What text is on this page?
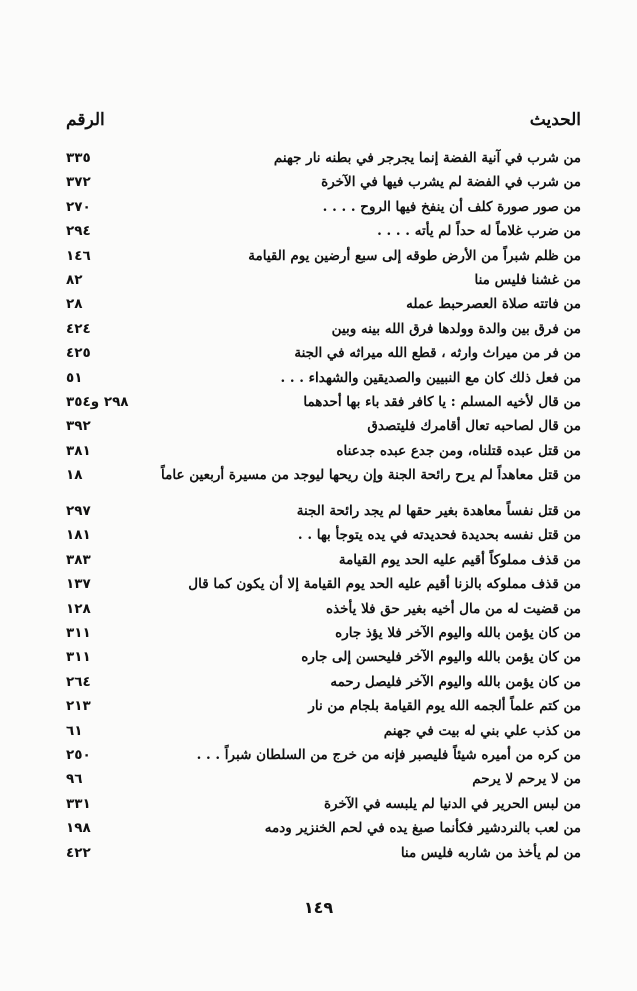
الحديث
الرقم
من شرب في آنية الفضة إنما يجرجر في بطنه نار جهنم
٣٣٥
من شرب في الفضة لم يشرب فيها في الآخرة
٣٧٢
من صور صورة كلف أن ينفخ فيها الروح . . . .
٢٧٠
من ضرب غلاماً له حداً لم يأته . . . .
٢٩٤
من ظلم شبراً من الأرض طوقه إلى سبع أرضين يوم القيامة
١٤٦
من غشنا فليس منا
٨٢
من فاتته صلاة العصرحبط عمله
٢٨
من فرق بين والدة وولدها فرق الله بينه وبين
٤٢٤
من فر من ميراث وارثه ، قطع الله ميراثه في الجنة
٤٢٥
من فعل ذلك كان مع النبيين والصديقين والشهداء . . .
٥١
من قال لأخيه المسلم : يا كافر فقد باء بها أحدهما
٢٩٨ و٣٥٤
من قال لصاحبه تعال أقامرك فليتصدق
٣٩٢
من قتل عبده قتلناه، ومن جدع عبده جدعناه
٣٨١
من قتل معاهداً لم يرح رائحة الجنة وإن ريحها ليوجد من مسيرة أربعين عاماً
١٨
من قتل نفساً معاهدة بغير حقها لم يجد رائحة الجنة
٢٩٧
من قتل نفسه بحديدة فحديدته في يده يتوجأ بها . .
١٨١
من قذف مملوكاً أقيم عليه الحد يوم القيامة
٣٨٣
من قذف مملوكه بالزنا أقيم عليه الحد يوم القيامة إلا أن يكون كما قال
١٣٧
من قضيت له من مال أخيه بغير حق فلا يأخذه
١٢٨
من كان يؤمن بالله واليوم الآخر فلا يؤذ جاره
٣١١
من كان يؤمن بالله واليوم الآخر فليحسن إلى جاره
٣١١
من كان يؤمن بالله واليوم الآخر فليصل رحمه
٢٦٤
من كتم علماً ألجمه الله يوم القيامة بلجام من نار
٢١٣
من كذب علي بني له بيت في جهنم
٦١
من كره من أميره شيئاً فليصبر فإنه من خرج من السلطان شبراً . . .
٢٥٠
من لا يرحم لا يرحم
٩٦
من لبس الحرير في الدنيا لم يلبسه في الآخرة
٣٣١
من لعب بالنردشير فكأنما صبغ يده في لحم الخنزير ودمه
١٩٨
من لم يأخذ من شاربه فليس منا
٤٢٢
١٤٩
